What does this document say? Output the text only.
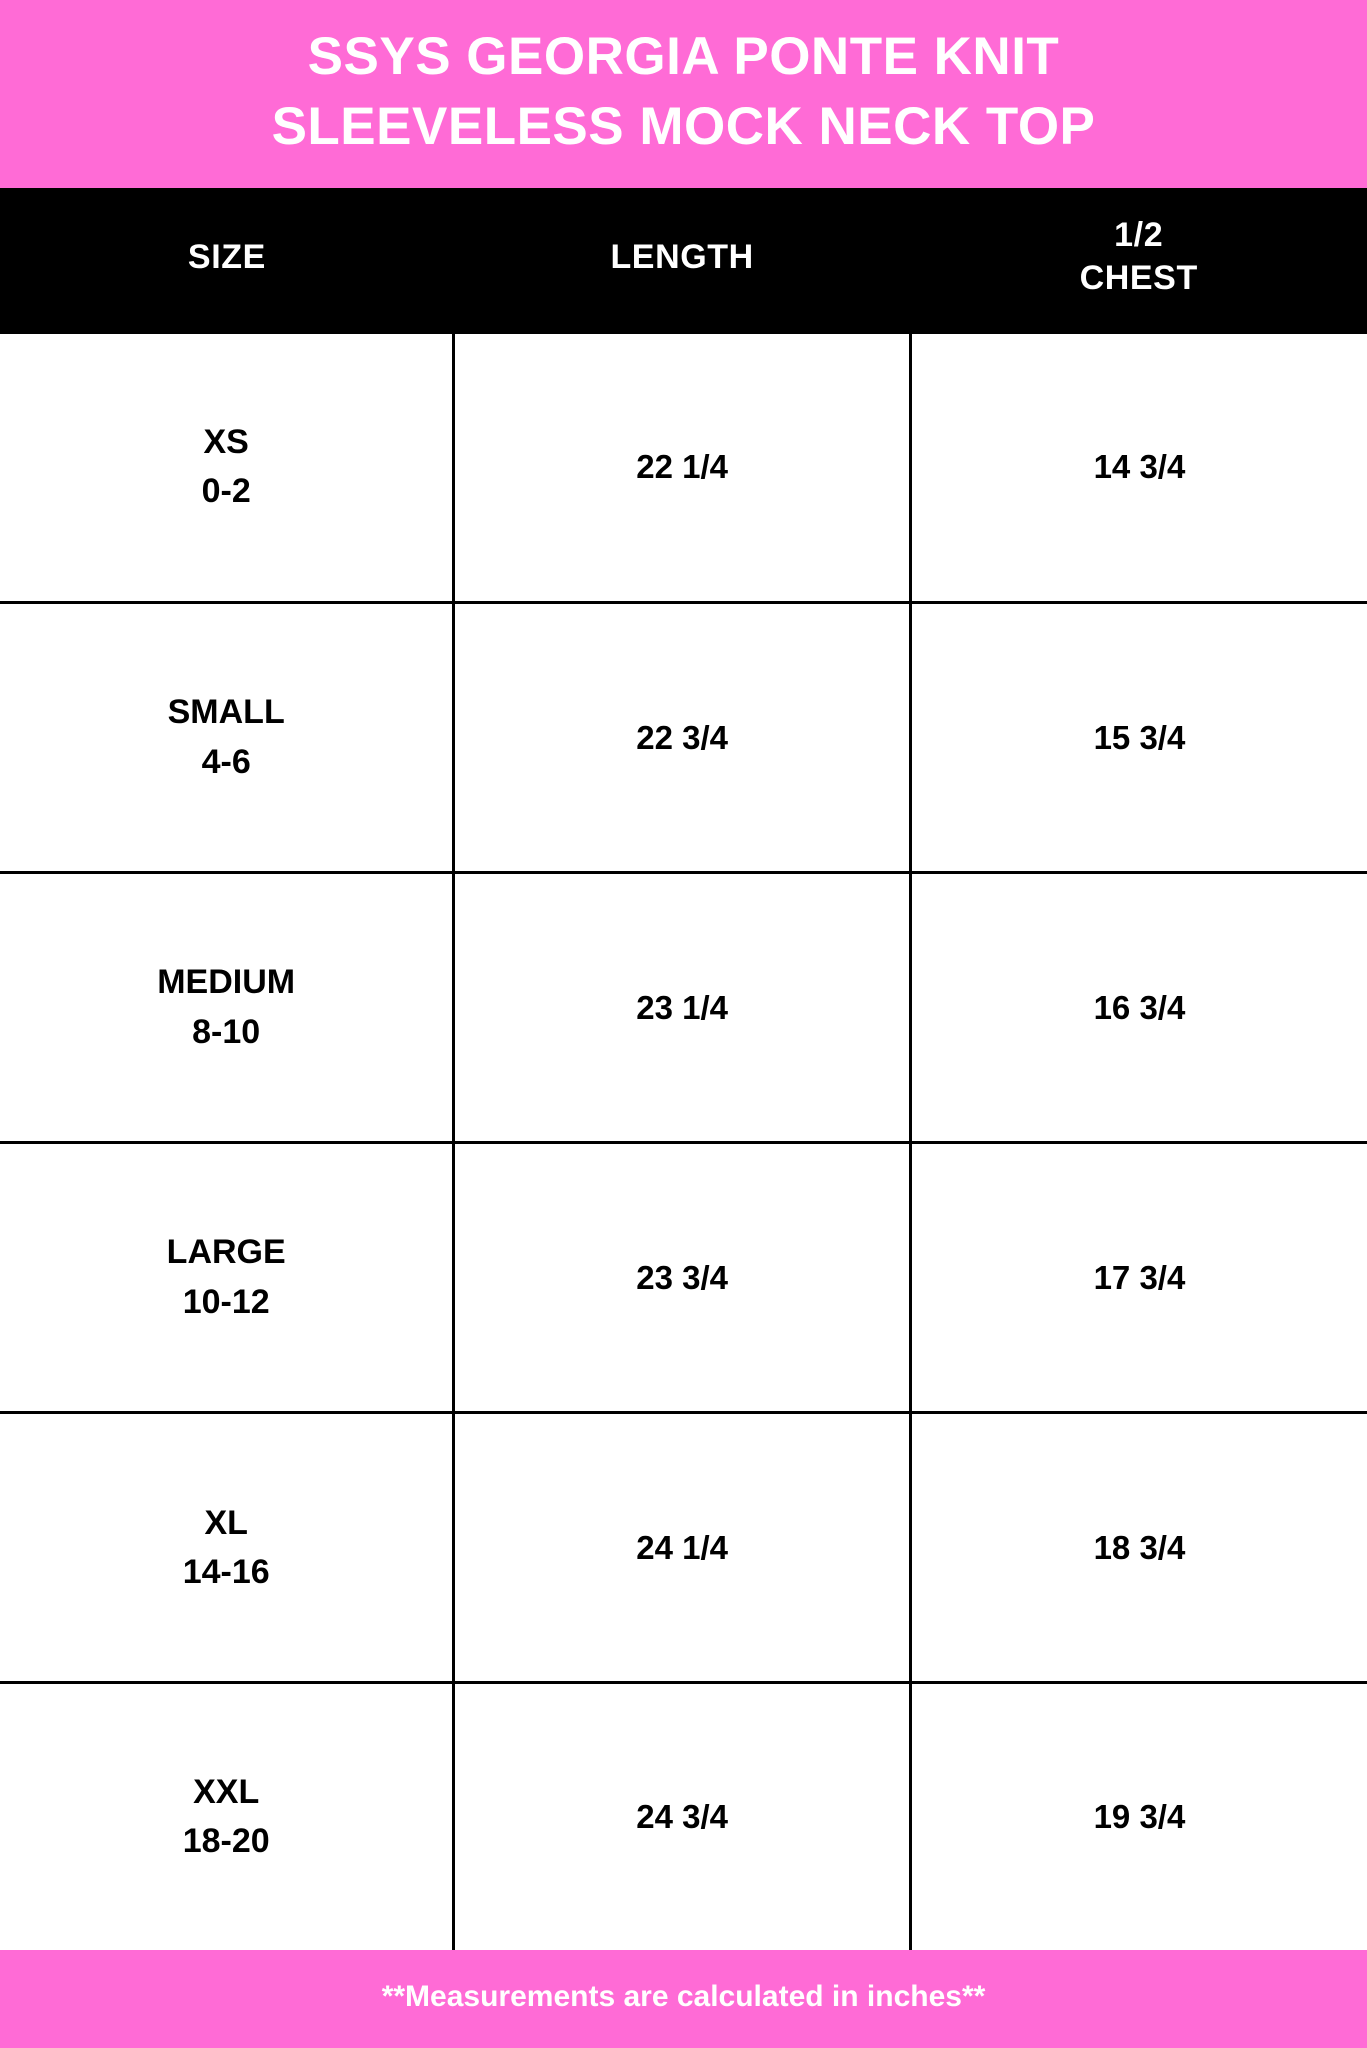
SSYS GEORGIA PONTE KNIT
SLEEVELESS MOCK NECK TOP
SIZE	LENGTH	1/2
CHEST

XS
0-2	22 1/4	14 3/4

SMALL
4-6	22 3/4	15 3/4

MEDIUM
8-10	23 1/4	16 3/4

LARGE
10-12	23 3/4	17 3/4

XL
14-16	24 1/4	18 3/4

XXL
18-20	24 3/4	19 3/4
**Measurements are calculated in inches**
